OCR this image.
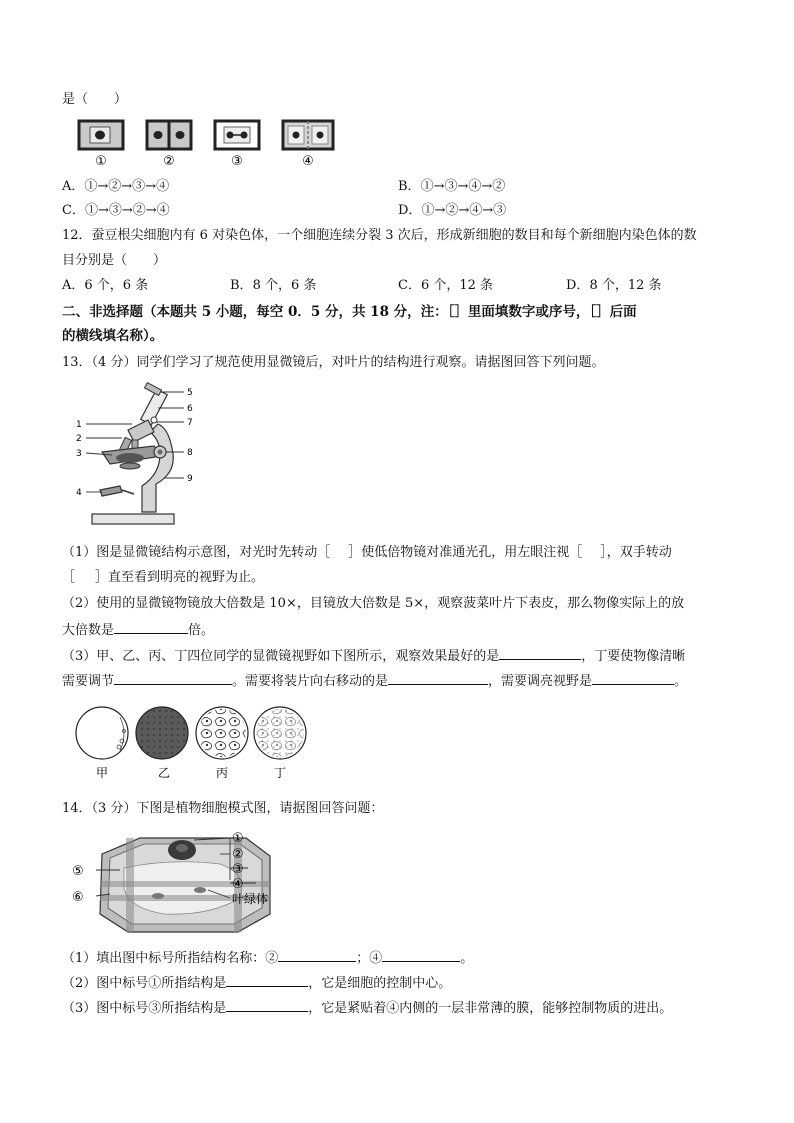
是（　　）
①	②	③	④
A．①→②→③→④	B．①→③→④→②
C．①→③→②→④	D．①→②→④→③
12．蚕豆根尖细胞内有 6 对染色体，一个细胞连续分裂 3 次后，形成新细胞的数目和每个新细胞内染色体的数
目分别是（　　）
A．6 个，6 条	B．8 个，6 条	C．6 个，12 条	D．8 个，12 条
二、非选择题（本题共 5 小题，每空 0．5 分，共 18 分，注：［］里面填数字或序号，［］后面
的横线填名称）。
13．（4 分）同学们学习了规范使用显微镜后，对叶片的结构进行观察。请据图回答下列问题。
1
2
3
4
5
6
7
8
9
（1）图是显微镜结构示意图，对光时先转动［ ］使低倍物镜对准通光孔，用左眼注视［ ］，双手转动
［ ］直至看到明亮的视野为止。
（2）使用的显微镜物镜放大倍数是 10×，目镜放大倍数是 5×，观察菠菜叶片下表皮，那么物像实际上的放
大倍数是	倍。
（3）甲、乙、丙、丁四位同学的显微镜视野如下图所示，观察效果最好的是	，丁要使物像清晰
需要调节	。需要将装片向右移动的是	，需要调亮视野是	。
甲	乙	丙	丁
14．（3 分）下图是植物细胞模式图，请据图回答问题：
①
②
③
④
叶绿体
⑤
⑥
（1）填出图中标号所指结构名称：②	；④	。
（2）图中标号①所指结构是	，它是细胞的控制中心。
（3）图中标号③所指结构是	，它是紧贴着④内侧的一层非常薄的膜，能够控制物质的进出。
